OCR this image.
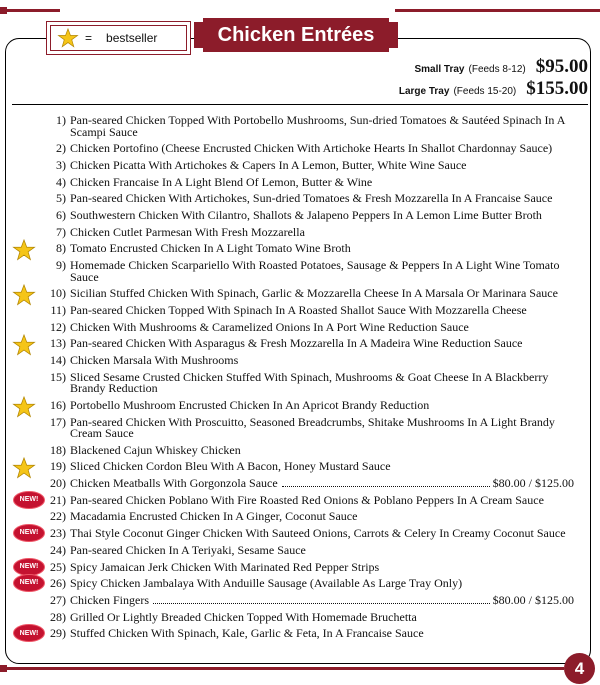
= bestseller	Chicken Entrées
Small Tray (Feeds 8-12) $95.00
Large Tray (Feeds 15-20) $155.00
1) Pan-seared Chicken Topped With Portobello Mushrooms, Sun-dried Tomatoes & Sautéed Spinach In A Scampi Sauce
2) Chicken Portofino (Cheese Encrusted Chicken With Artichoke Hearts In Shallot Chardonnay Sauce)
3) Chicken Picatta With Artichokes & Capers In A Lemon, Butter, White Wine Sauce
4) Chicken Francaise In A Light Blend Of Lemon, Butter & Wine
5) Pan-seared Chicken With Artichokes, Sun-dried Tomatoes & Fresh Mozzarella In A Francaise Sauce
6) Southwestern Chicken With Cilantro, Shallots & Jalapeno Peppers In A Lemon Lime Butter Broth
7) Chicken Cutlet Parmesan With Fresh Mozzarella
8) Tomato Encrusted Chicken In A Light Tomato Wine Broth
9) Homemade Chicken Scarpariello With Roasted Potatoes, Sausage & Peppers In A Light Wine Tomato Sauce
10) Sicilian Stuffed Chicken With Spinach, Garlic & Mozzarella Cheese In A Marsala Or Marinara Sauce
11) Pan-seared Chicken Topped With Spinach In A Roasted Shallot Sauce With Mozzarella Cheese
12) Chicken With Mushrooms & Caramelized Onions In A Port Wine Reduction Sauce
13) Pan-seared Chicken With Asparagus & Fresh Mozzarella In A Madeira Wine Reduction Sauce
14) Chicken Marsala With Mushrooms
15) Sliced Sesame Crusted Chicken Stuffed With Spinach, Mushrooms & Goat Cheese In A Blackberry Brandy Reduction
16) Portobello Mushroom Encrusted Chicken In An Apricot Brandy Reduction
17) Pan-seared Chicken With Proscuitto, Seasoned Breadcrumbs, Shitake Mushrooms In A Light Brandy Cream Sauce
18) Blackened Cajun Whiskey Chicken
19) Sliced Chicken Cordon Bleu With A Bacon, Honey Mustard Sauce
20) Chicken Meatballs With Gorgonzola Sauce	$80.00 / $125.00
NEW! 21) Pan-seared Chicken Poblano With Fire Roasted Red Onions & Poblano Peppers In A Cream Sauce
22) Macadamia Encrusted Chicken In A Ginger, Coconut Sauce
NEW! 23) Thai Style Coconut Ginger Chicken With Sauteed Onions, Carrots & Celery In Creamy Coconut Sauce
24) Pan-seared Chicken In A Teriyaki, Sesame Sauce
NEW! 25) Spicy Jamaican Jerk Chicken With Marinated Red Pepper Strips
NEW! 26) Spicy Chicken Jambalaya With Anduille Sausage (Available As Large Tray Only)
27) Chicken Fingers	$80.00 / $125.00
28) Grilled Or Lightly Breaded Chicken Topped With Homemade Bruchetta
NEW! 29) Stuffed Chicken With Spinach, Kale, Garlic & Feta, In A Francaise Sauce
4
